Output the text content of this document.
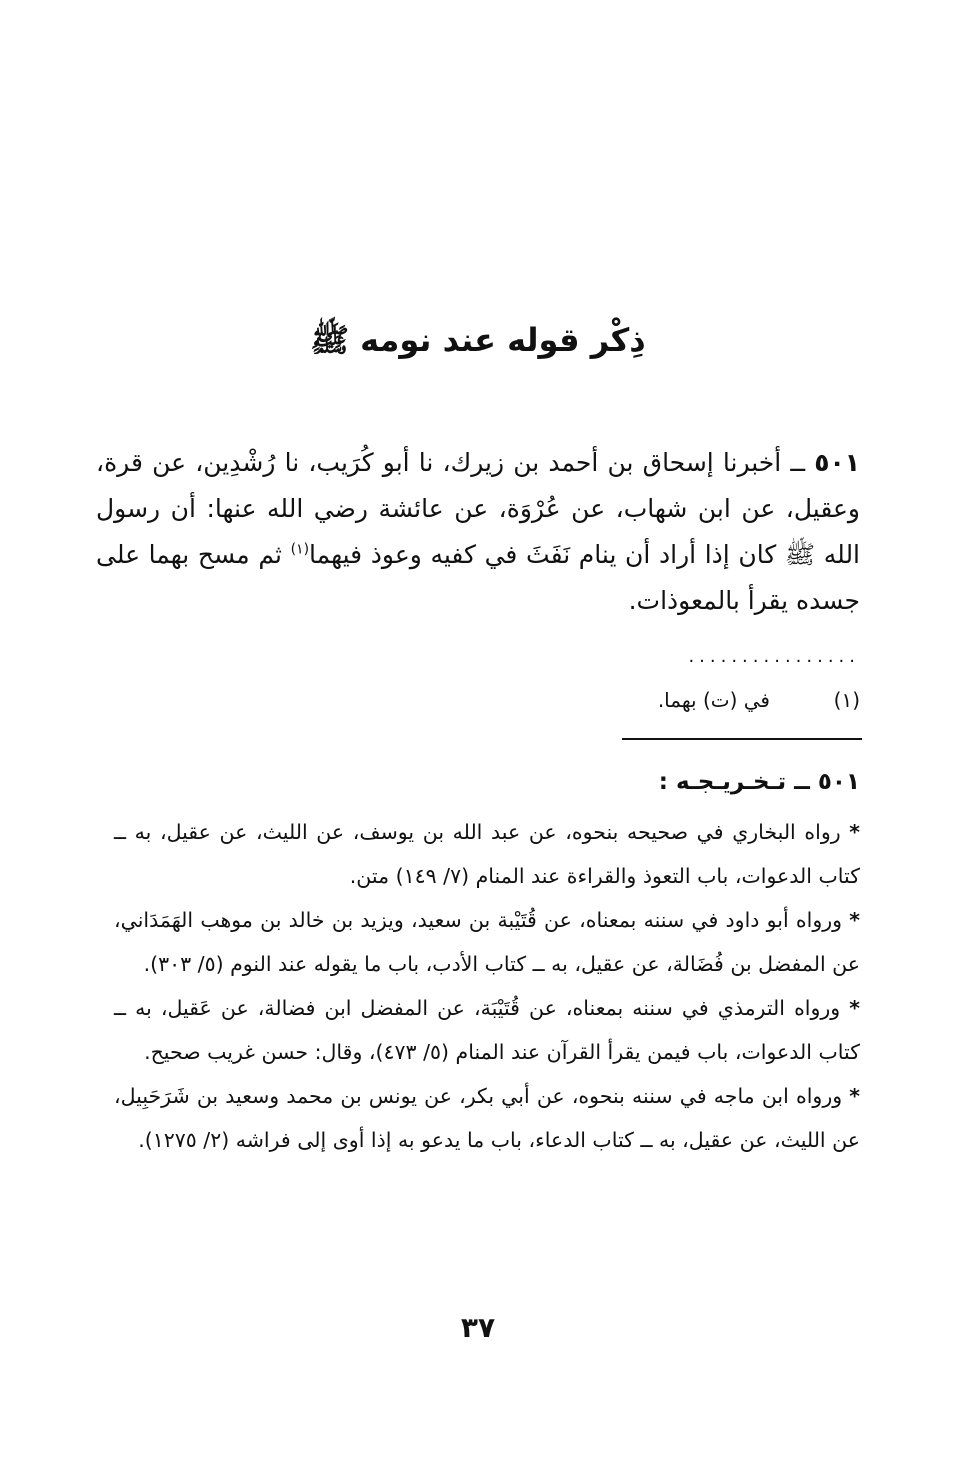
ذِكْر قوله عند نومه ﷺ
٥٠١ ــ أخبرنا إسحاق بن أحمد بن زيرك، نا أبو كُرَيب، نا رُشْدِين، عن قرة، وعقيل، عن ابن شهاب، عن عُرْوَة، عن عائشة رضي الله عنها: أن رسول الله ﷺ كان إذا أراد أن ينام نَفَثَ في كفيه وعوذ فيهما$^{(١)}$ ثم مسح بهما على جسده يقرأ بالمعوذات.
................
(١)في (ت) بهما.
٥٠١ ــ تـخـريـجـه :

* رواه البخاري في صحيحه بنحوه، عن عبد الله بن يوسف، عن الليث، عن عقيل، به ــ كتاب الدعوات، باب التعوذ والقراءة عند المنام (٧/ ١٤٩) متن.

* ورواه أبو داود في سننه بمعناه، عن قُتَيْبة بن سعيد، ويزيد بن خالد بن موهب الهَمَدَاني، عن المفضل بن فُضَالة، عن عقيل، به ــ كتاب الأدب، باب ما يقوله عند النوم (٥/ ٣٠٣).

* ورواه الترمذي في سننه بمعناه، عن قُتَيْبَة، عن المفضل ابن فضالة، عن عَقيل، به ــ كتاب الدعوات، باب فيمن يقرأ القرآن عند المنام (٥/ ٤٧٣)، وقال: حسن غريب صحيح.

* ورواه ابن ماجه في سننه بنحوه، عن أبي بكر، عن يونس بن محمد وسعيد بن شَرَحَبِيل، عن الليث، عن عقيل، به ــ كتاب الدعاء، باب ما يدعو به إذا أوى إلى فراشه (٢/ ١٢٧٥).

٣٧
